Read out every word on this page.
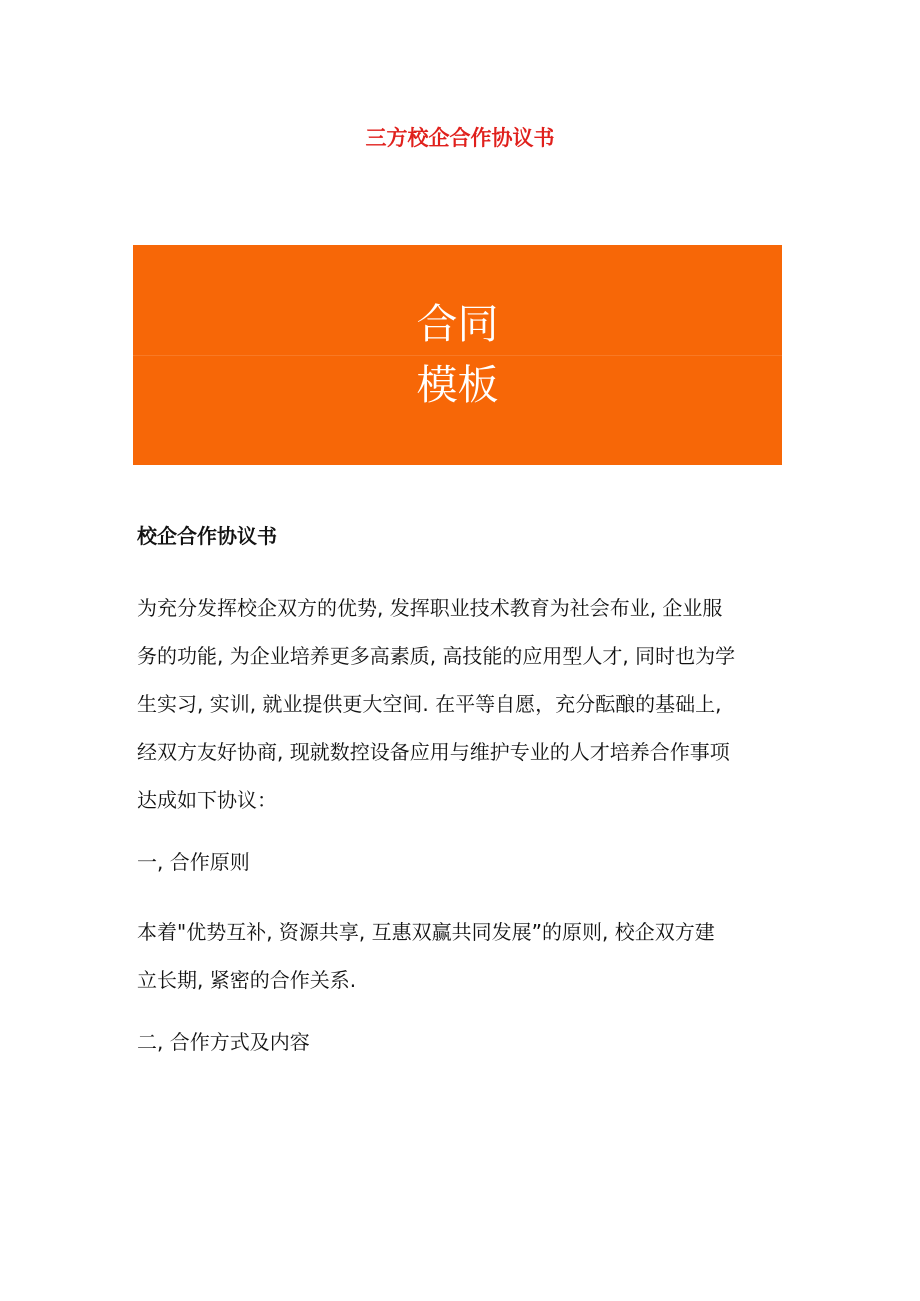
三方校企合作协议书
合同
模板
校企合作协议书
为充分发挥校企双方的优势, 发挥职业技术教育为社会布业, 企业服
务的功能, 为企业培养更多高素质, 高技能的应用型人才, 同时也为学
生实习, 实训, 就业提供更大空间. 在平等自愿，充分酝酿的基础上,
经双方友好协商, 现就数控设备应用与维护专业的人才培养合作事项
达成如下协议：
一, 合作原则
本着"优势互补, 资源共享, 互惠双赢共同发展”的原则, 校企双方建
立长期, 紧密的合作关系.
二, 合作方式及内容
